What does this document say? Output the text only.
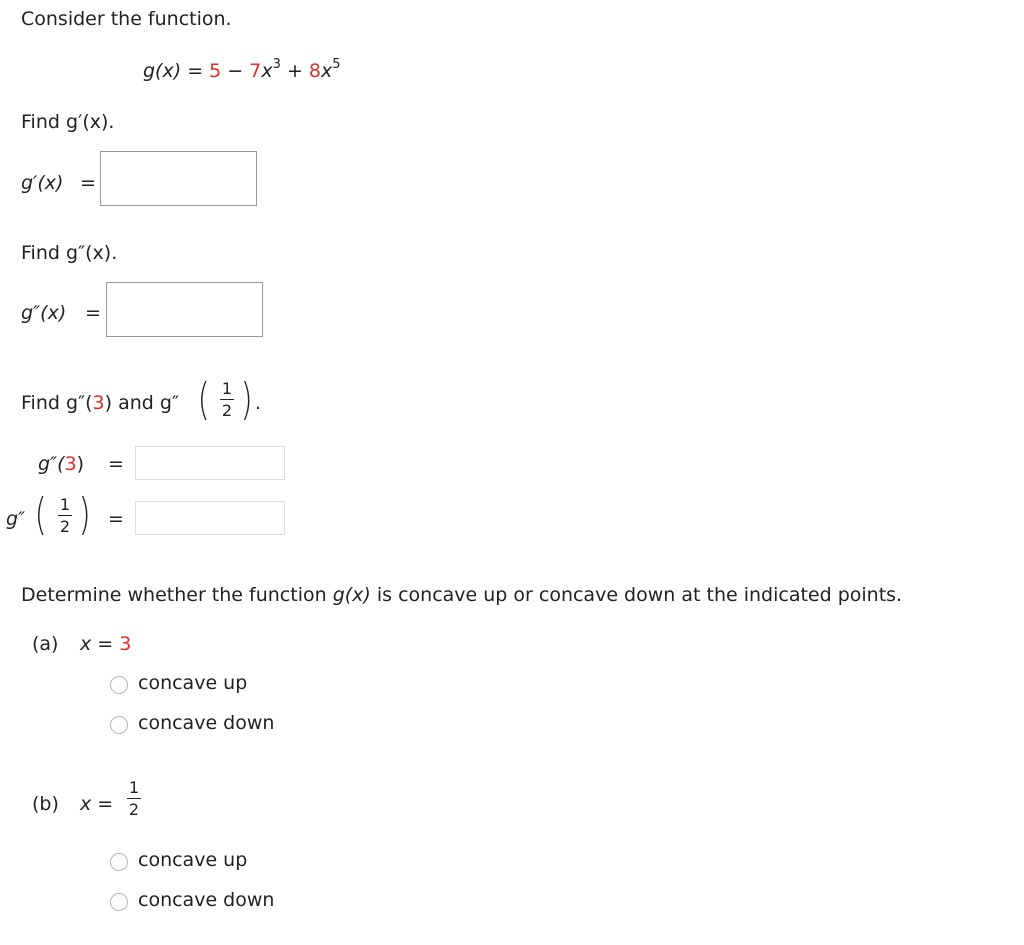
Consider the function.
$g(x) = 5 - 7x^3 + 8x^5$
Find g′(x).
g′(x) =
Find g″(x).
g″(x) =
Find g″(3) and g″ ( 1
2 ) .
g″(3) =
g″ ( 1
2 ) =
Determine whether the function g(x) is concave up or concave down at the indicated points.
(a) x = 3
concave up
concave down
(b) x =
1
2
concave up
concave down
